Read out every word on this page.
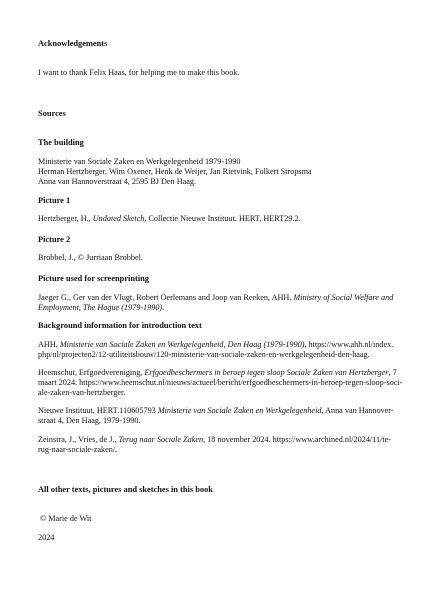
Acknowledgements
I want to thank Felix Haas, for helping me to make this book.
Sources
The building
Ministerie van Sociale Zaken en Werkgelegenheid 1979-1990
Herman Hertzberger, Wim Oxener, Henk de Weijer, Jan Rietvink, Folkert Stropsma
Anna van Hannoverstraat 4, 2595 BJ Den Haag.
Picture 1
Hertzberger, H., Undated Sketch, Collectie Nieuwe Instituut. HERT, HERT29.2.
Picture 2
Brobbel, J., © Jurriaan Brobbel.
Picture used for screenprinting
Jaeger G., Ger van der Vlugt, Robert Oerlemans and Joop van Reeken, AHH. Ministry of Social Welfare and
Employment, The Hague (1979-1990).
Background information for introduction text
AHH, Ministerie van Sociale Zaken en Werkgelegenheid, Den Haag (1979-1990), https://www.ahh.nl/index.
php/nl/projecten2/12-utiliteitsbouw/120-ministerie-van-sociale-zaken-en-werkgelegenheid-den-haag.
Heemschut, Erfgoedvereniging, Erfgoedbeschermers in beroep tegen sloop Sociale Zaken van Hertzberger, 7
maart 2024. https://www.heemschut.nl/nieuws/actueel/bericht/erfgoedbeschermers-in-beroep-tegen-sloop-soci-
ale-zaken-van-hertzberger.
Nieuwe Instituut, HERT.110605793 Ministerie van Sociale Zaken en Werkgelegenheid, Anna van Hannover-
straat 4, Den Haag, 1979-1990.
Zeinstra, J., Vries, de J., Terug naar Sociale Zaken, 18 november 2024. https://www.archined.nl/2024/11/te-
rug-naar-sociale-zaken/.
All other texts, pictures and sketches in this book
© Marie de Wit
2024
